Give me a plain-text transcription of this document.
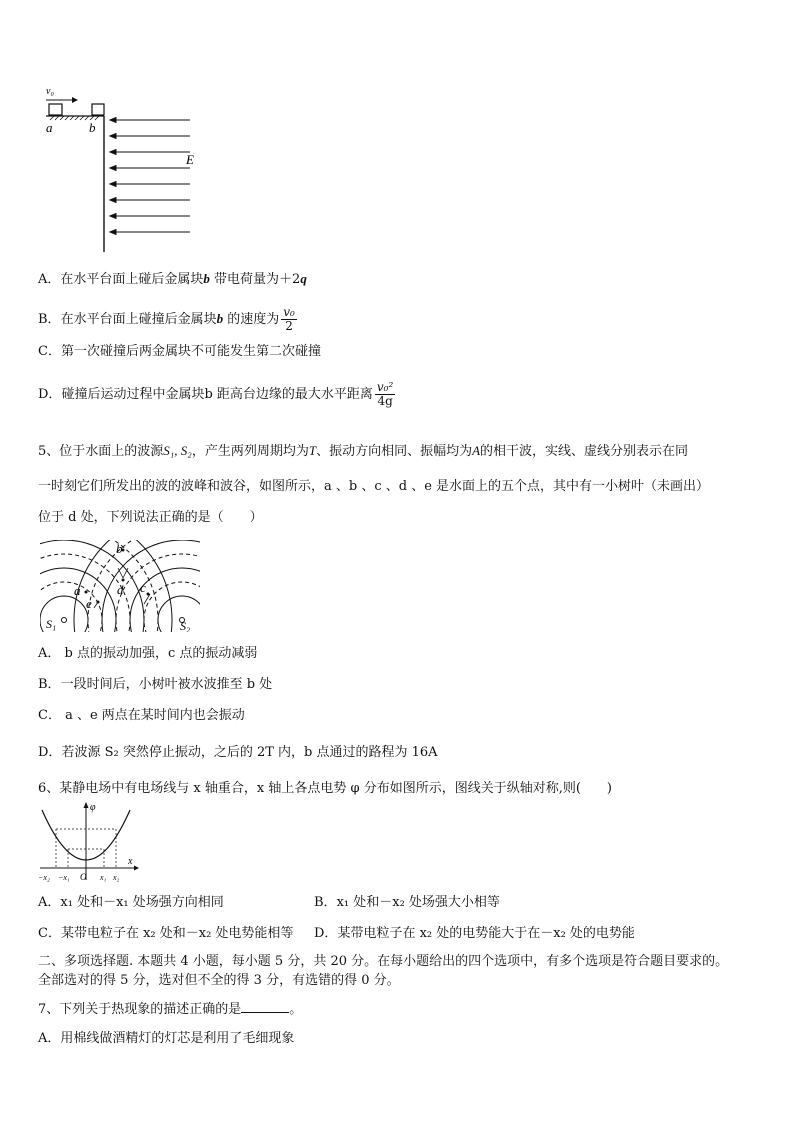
v₀
a	b
E
A．在水平台面上碰后金属块b 带电荷量为＋2q
B．在水平台面上碰撞后金属块b 的速度为 $\frac{\text{v₀}}{2}$
C．第一次碰撞后两金属块不可能发生第二次碰撞
D．碰撞后运动过程中金属块b 距高台边缘的最大水平距离 $\frac{\text{v₀²}}{4g}$
5、位于水面上的波源S₁, S₂，产生两列周期均为T、振动方向相同、振幅均为A的相干波，实线、虚线分别表示在同
一时刻它们所发出的波的波峰和波谷，如图所示，a 、b 、c 、d 、e 是水面上的五个点，其中有一小树叶（未画出）
位于 d 处，下列说法正确的是（　　）
b
a
e
d c
S₁	S₂
A． b 点的振动加强，c 点的振动减弱
B．一段时间后，小树叶被水波推至 b 处
C． a 、e 两点在某时间内也会振动
D．若波源 S₂ 突然停止振动，之后的 2T 内，b 点通过的路程为 16A
6、某静电场中有电场线与 x 轴重合，x 轴上各点电势 φ 分布如图所示，图线关于纵轴对称,则(　　)
φ
x
−x₂ −x₁ O x₁ x₂
A．x₁ 处和－x₁ 处场强方向相同	B．x₁ 处和－x₂ 处场强大小相等
C．某带电粒子在 x₂ 处和－x₂ 处电势能相等 D．某带电粒子在 x₂ 处的电势能大于在－x₂ 处的电势能
二、多项选择题. 本题共 4 小题，每小题 5 分，共 20 分。在每小题给出的四个选项中，有多个选项是符合题目要求的。
全部选对的得 5 分，选对但不全的得 3 分，有选错的得 0 分。
7、下列关于热现象的描述正确的是	。
A．用棉线做酒精灯的灯芯是利用了毛细现象
